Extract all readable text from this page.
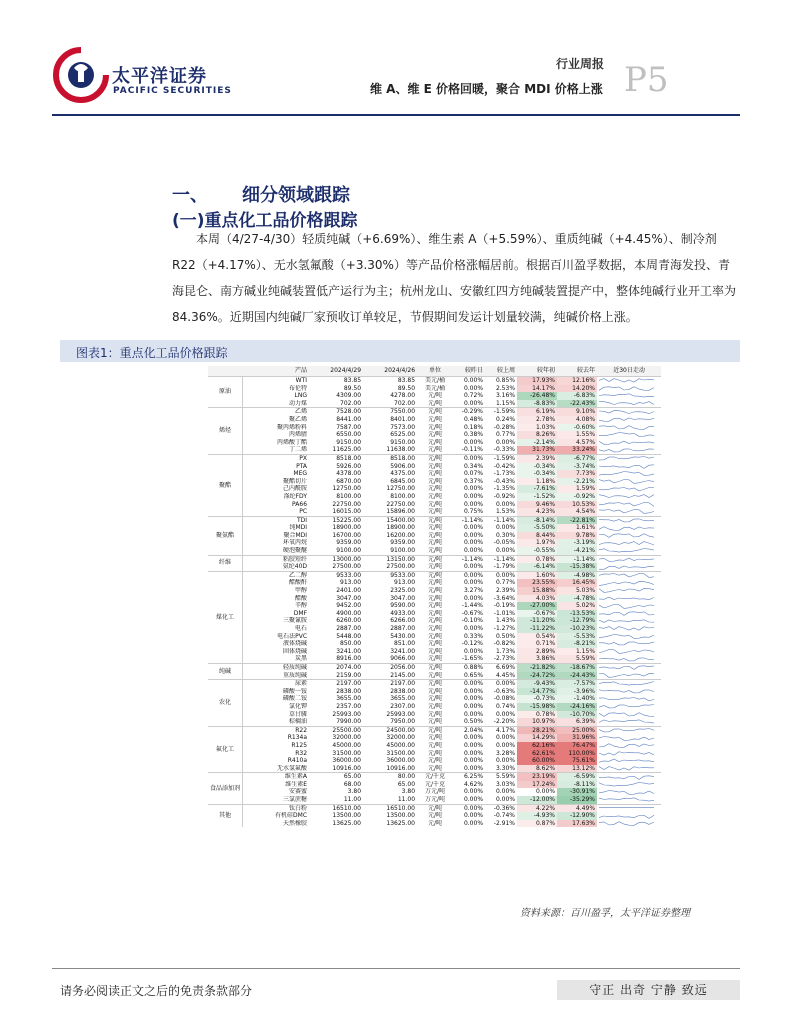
太平洋证券
PACIFIC SECURITIES
行业周报
维 A、维 E 价格回暖，聚合 MDI 价格上涨 P5
一、 细分领域跟踪
(一)重点化工品价格跟踪
本周（4/27-4/30）轻质纯碱（+6.69%）、维生素 A（+5.59%）、重质纯碱（+4.45%）、制冷剂 R22（+4.17%）、无水氢氟酸（+3.30%）等产品价格涨幅居前。根据百川盈孚数据，本周青海发投、青海昆仑、南方碱业纯碱装置低产运行为主；杭州龙山、安徽红四方纯碱装置提产中，整体纯碱行业开工率为 84.36%。近期国内纯碱厂家预收订单较足，节假期间发运计划量较满，纯碱价格上涨。
图表1：重点化工品价格跟踪
	产品	2024/4/29	2024/4/26	单位	较昨日	较上周	较年初	较去年	近30日走动
原油	WTI	83.85	83.85	美元/桶	0.00%	0.85%	17.93%	12.16%	

	布伦特	89.50	89.50	美元/桶	0.00%	2.53%	14.17%	14.20%	

	LNG	4309.00	4278.00	元/吨	0.72%	3.16%	-26.48%	-6.83%	

	动力煤	702.00	702.00	元/吨	0.00%	1.15%	-8.83%	-22.43%	

烯烃	乙烯	7528.00	7550.00	元/吨	-0.29%	-1.59%	6.19%	9.10%	

	聚乙烯	8441.00	8401.00	元/吨	0.48%	0.24%	2.78%	4.08%	

	聚丙烯粉料	7587.00	7573.00	元/吨	0.18%	-0.28%	1.03%	-0.60%	

	丙烯腈	6550.00	6525.00	元/吨	0.38%	0.77%	8.26%	1.55%	

	丙烯酸丁酯	9150.00	9150.00	元/吨	0.00%	0.00%	-2.14%	4.57%	

	丁二烯	11625.00	11638.00	元/吨	-0.11%	-0.33%	31.73%	33.24%	

聚酯	PX	8518.00	8518.00	元/吨	0.00%	-1.59%	2.39%	-6.77%	

	PTA	5926.00	5906.00	元/吨	0.34%	-0.42%	-0.34%	-3.74%	

	MEG	4378.00	4375.00	元/吨	0.07%	-1.73%	-0.34%	7.73%	

	聚酯切片	6870.00	6845.00	元/吨	0.37%	-0.43%	1.18%	-2.21%	

	己内酰胺	12750.00	12750.00	元/吨	0.00%	-1.35%	-7.61%	1.59%	

	涤纶FDY	8100.00	8100.00	元/吨	0.00%	-0.92%	-1.52%	-0.92%	

	PA66	22750.00	22750.00	元/吨	0.00%	0.00%	9.46%	10.53%	

	PC	16015.00	15896.00	元/吨	0.75%	1.53%	4.23%	4.54%	

聚氨酯	TDI	15225.00	15400.00	元/吨	-1.14%	-1.14%	-8.14%	-22.81%	

	纯MDI	18900.00	18900.00	元/吨	0.00%	0.00%	-5.50%	1.61%	

	聚合MDI	16700.00	16200.00	元/吨	0.00%	0.30%	8.44%	9.78%	

	环氧丙烷	9359.00	9359.00	元/吨	0.00%	-0.05%	1.97%	-3.19%	

	硬泡聚醚	9100.00	9100.00	元/吨	0.00%	0.00%	-0.55%	-4.21%	

纤维	粘胶短纤	13000.00	13150.00	元/吨	-1.14%	-1.14%	0.78%	-1.14%	

	氨纶40D	27500.00	27500.00	元/吨	0.00%	-1.79%	-6.14%	-15.38%	

煤化工	乙二醇	9533.00	9533.00	元/吨	0.00%	0.00%	1.60%	-4.98%	

	醋酸酐	913.00	913.00	元/吨	0.00%	0.77%	23.55%	16.45%	

	甲醇	2401.00	2325.00	元/吨	3.27%	2.39%	15.88%	5.03%	

	醋酸	3047.00	3047.00	元/吨	0.00%	-3.64%	4.03%	-4.78%	

	辛醇	9452.00	9590.00	元/吨	-1.44%	-0.19%	-27.00%	5.02%	

	DMF	4900.00	4933.00	元/吨	-0.67%	-1.01%	-0.67%	-13.53%	

	三聚氰胺	6260.00	6266.00	元/吨	-0.10%	1.43%	-11.20%	-12.79%	

	电石	2887.00	2887.00	元/吨	0.00%	-1.27%	-11.22%	-10.23%	

	电石法PVC	5448.00	5430.00	元/吨	0.33%	0.50%	0.54%	-5.53%	

	液体烧碱	850.00	851.00	元/吨	-0.12%	-0.82%	0.71%	-8.21%	

	固体烧碱	3241.00	3241.00	元/吨	0.00%	1.73%	2.89%	1.15%	

	炭黑	8916.00	9066.00	元/吨	-1.65%	-2.73%	3.86%	5.59%	

纯碱	轻质纯碱	2074.00	2056.00	元/吨	0.88%	6.69%	-21.82%	-18.67%	

	重质纯碱	2159.00	2145.00	元/吨	0.65%	4.45%	-24.72%	-24.43%	

农化	尿素	2197.00	2197.00	元/吨	0.00%	0.00%	-9.43%	-7.57%	

	磷酸一铵	2838.00	2838.00	元/吨	0.00%	-0.63%	-14.77%	-3.96%	

	磷酸二铵	3655.00	3655.00	元/吨	0.00%	-0.08%	-0.73%	-1.40%	

	氯化钾	2357.00	2307.00	元/吨	0.00%	0.74%	-15.98%	-24.16%	

	草甘膦	25993.00	25993.00	元/吨	0.00%	0.00%	0.78%	-10.70%	

	棕榈油	7990.00	7950.00	元/吨	0.50%	-2.20%	10.97%	6.39%	

氟化工	R22	25500.00	24500.00	元/吨	2.04%	4.17%	28.21%	25.00%	

	R134a	32000.00	32000.00	元/吨	0.00%	0.00%	14.29%	31.96%	

	R125	45000.00	45000.00	元/吨	0.00%	0.00%	62.16%	76.47%	

	R32	31500.00	31500.00	元/吨	0.00%	3.28%	62.61%	110.00%	

	R410a	36000.00	36000.00	元/吨	0.00%	0.00%	60.00%	75.61%	

	无水氢氟酸	10916.00	10916.00	元/吨	0.00%	3.30%	8.62%	13.12%	

食品添加剂	维生素A	65.00	80.00	元/千克	6.25%	5.59%	23.19%	-6.59%	

	维生素E	68.00	65.00	元/千克	4.62%	3.03%	17.24%	-8.11%	

	安赛蜜	3.80	3.80	万元/吨	0.00%	0.00%	0.00%	-30.91%	

	三氯蔗糖	11.00	11.00	万元/吨	0.00%	0.00%	-12.00%	-35.29%	

其他	钛白粉	16510.00	16510.00	元/吨	0.00%	-0.36%	4.22%	4.49%	

	有机硅DMC	13500.00	13500.00	元/吨	0.00%	-0.74%	-4.93%	-12.90%	

	天然橡胶	13625.00	13625.00	元/吨	0.00%	-2.91%	0.87%	17.63%	
资料来源：百川盈孚，太平洋证券整理
请务必阅读正文之后的免责条款部分	守正 出奇 宁静 致远
